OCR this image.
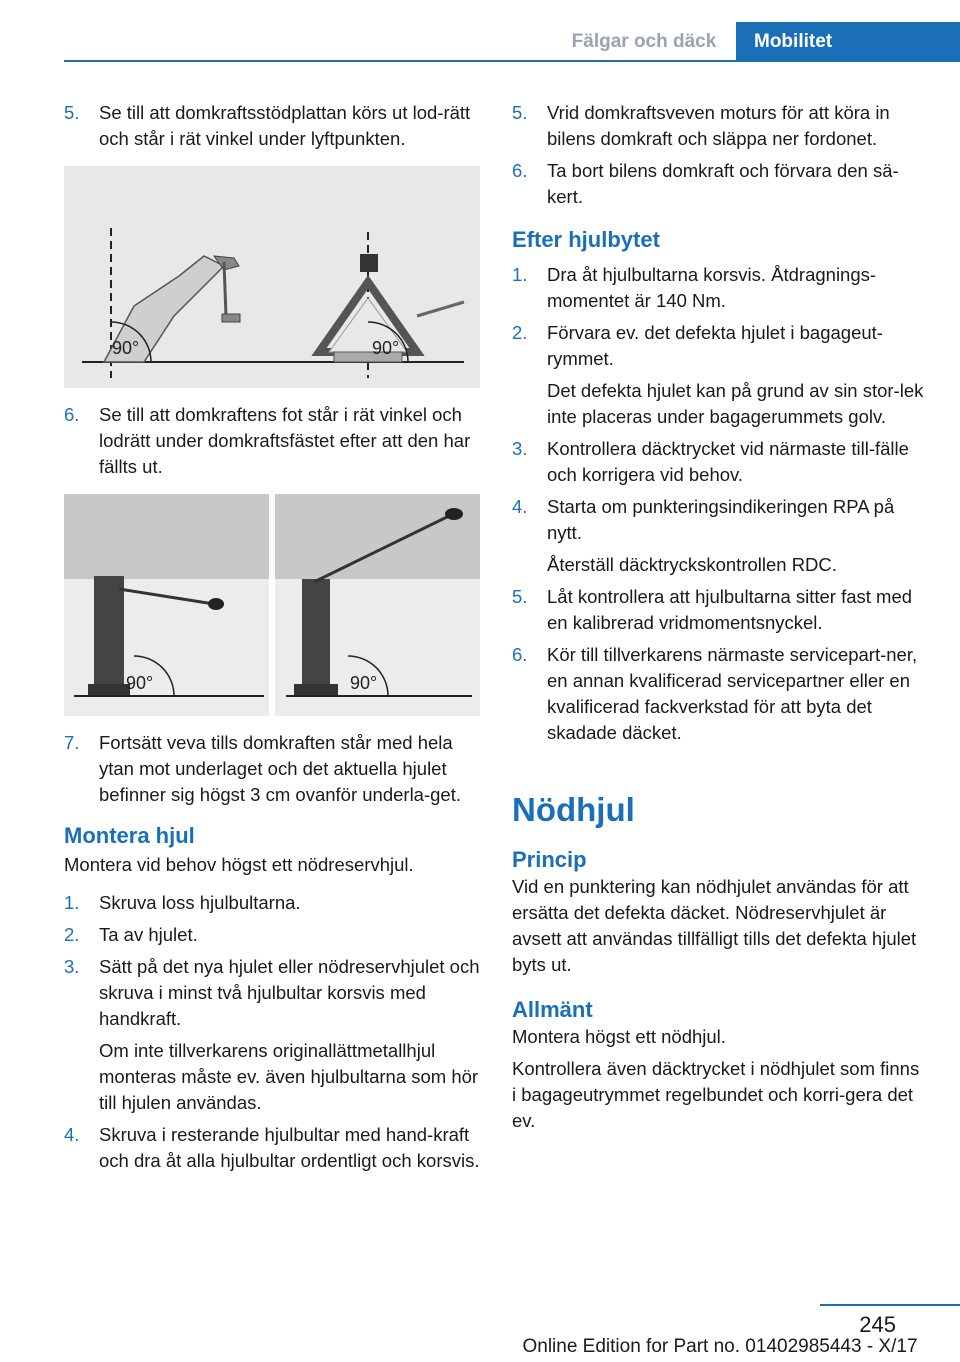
Fälgar och däck	Mobilitet
5.	Se till att domkraftsstödplattan körs ut lod‐rätt och står i rät vinkel under lyftpunkten.

90°	90°
6.	Se till att domkraftens fot står i rät vinkel och lodrätt under domkraftsfästet efter att den har fällts ut.

90°	90°
7.	Fortsätt veva tills domkraften står med hela ytan mot underlaget och det aktuella hjulet befinner sig högst 3 cm ovanför underla‐get.

Montera hjul
Montera vid behov högst ett nödreservhjul.
1.	Skruva loss hjulbultarna.

2.	Ta av hjulet.

3.	Sätt på det nya hjulet eller nödreservhjulet och skruva i minst två hjulbultar korsvis med handkraft.

Om inte tillverkarens originallättmetallhjul monteras måste ev. även hjulbultarna som hör till hjulen användas.

4.	Skruva i resterande hjulbultar med hand‐kraft och dra åt alla hjulbultar ordentligt och korsvis.

5.	Vrid domkraftsveven moturs för att köra in bilens domkraft och släppa ner fordonet.

6.	Ta bort bilens domkraft och förvara den sä‐kert.

Efter hjulbytet
1.	Dra åt hjulbultarna korsvis. Åtdragnings‐momentet är 140 Nm.

2.	Förvara ev. det defekta hjulet i bagageut‐rymmet.

Det defekta hjulet kan på grund av sin stor‐lek inte placeras under bagagerummets golv.

3.	Kontrollera däcktrycket vid närmaste till‐fälle och korrigera vid behov.

4.	Starta om punkteringsindikeringen RPA på nytt.

Återställ däcktryckskontrollen RDC.

5.	Låt kontrollera att hjulbultarna sitter fast med en kalibrerad vridmomentsnyckel.

6.	Kör till tillverkarens närmaste servicepart‐ner, en annan kvalificerad servicepartner eller en kvalificerad fackverkstad för att byta det skadade däcket.

Nödhjul
Princip
Vid en punktering kan nödhjulet användas för att ersätta det defekta däcket. Nödreservhjulet är avsett att användas tillfälligt tills det defekta hjulet byts ut.
Allmänt
Montera högst ett nödhjul.
Kontrollera även däcktrycket i nödhjulet som finns i bagageutrymmet regelbundet och korri‐gera det ev.
245
Online Edition for Part no. 01402985443 - X/17
